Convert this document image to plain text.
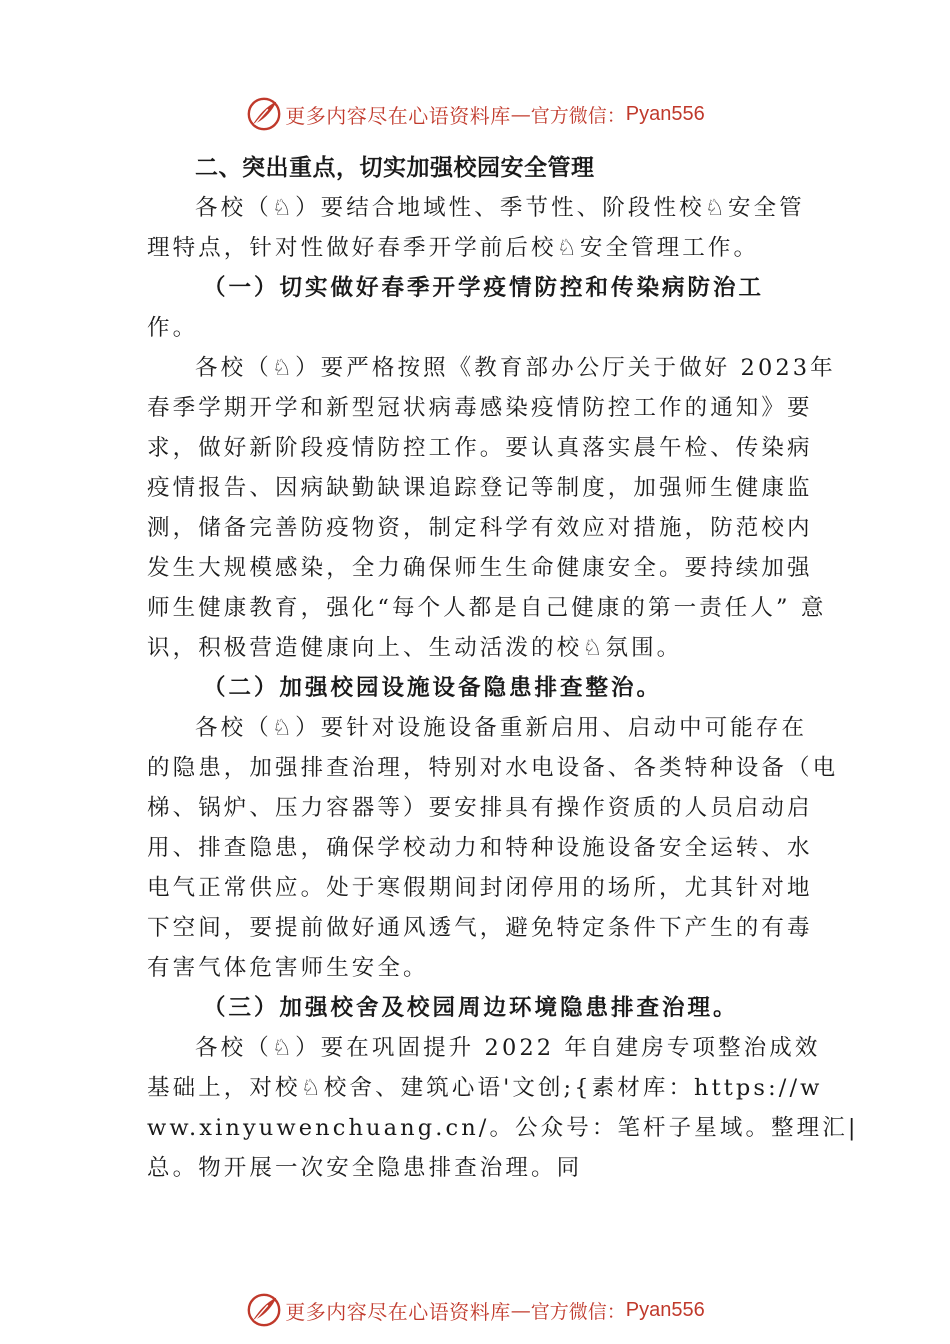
更多内容尽在心语资料库 — 官方微信： Pyan556
二、突出重点，切实加强校园安全管理
各校（♘）要结合地域性、季节性、阶段性校♘安全管
理特点，针对性做好春季开学前后校♘安全管理工作。
（一）切实做好春季开学疫情防控和传染病防治工
作。
各校（♘）要严格按照《教育部办公厅关于做好 2023年
春季学期开学和新型冠状病毒感染疫情防控工作的通知》要
求，做好新阶段疫情防控工作。要认真落实晨午检、传染病
疫情报告、因病缺勤缺课追踪登记等制度，加强师生健康监
测，储备完善防疫物资，制定科学有效应对措施，防范校内
发生大规模感染，全力确保师生生命健康安全。要持续加强
师生健康教育，强化“每个人都是自己健康的第一责任人” 意
识，积极营造健康向上、生动活泼的校♘氛围。
（二）加强校园设施设备隐患排查整治。
各校（♘）要针对设施设备重新启用、启动中可能存在
的隐患，加强排查治理，特别对水电设备、各类特种设备（电
梯、锅炉、压力容器等）要安排具有操作资质的人员启动启
用、排查隐患，确保学校动力和特种设施设备安全运转、水
电气正常供应。处于寒假期间封闭停用的场所，尤其针对地
下空间，要提前做好通风透气，避免特定条件下产生的有毒
有害气体危害师生安全。
（三）加强校舍及校园周边环境隐患排查治理。
各校（♘）要在巩固提升 2022 年自建房专项整治成效
基础上，对校♘校舍、建筑心语'文创;{素材库：https://w
ww.xinyuwenchuang.cn/。公众号：笔杆子星域。整理汇|
总。物开展一次安全隐患排查治理。同
更多内容尽在心语资料库 — 官方微信： Pyan556
